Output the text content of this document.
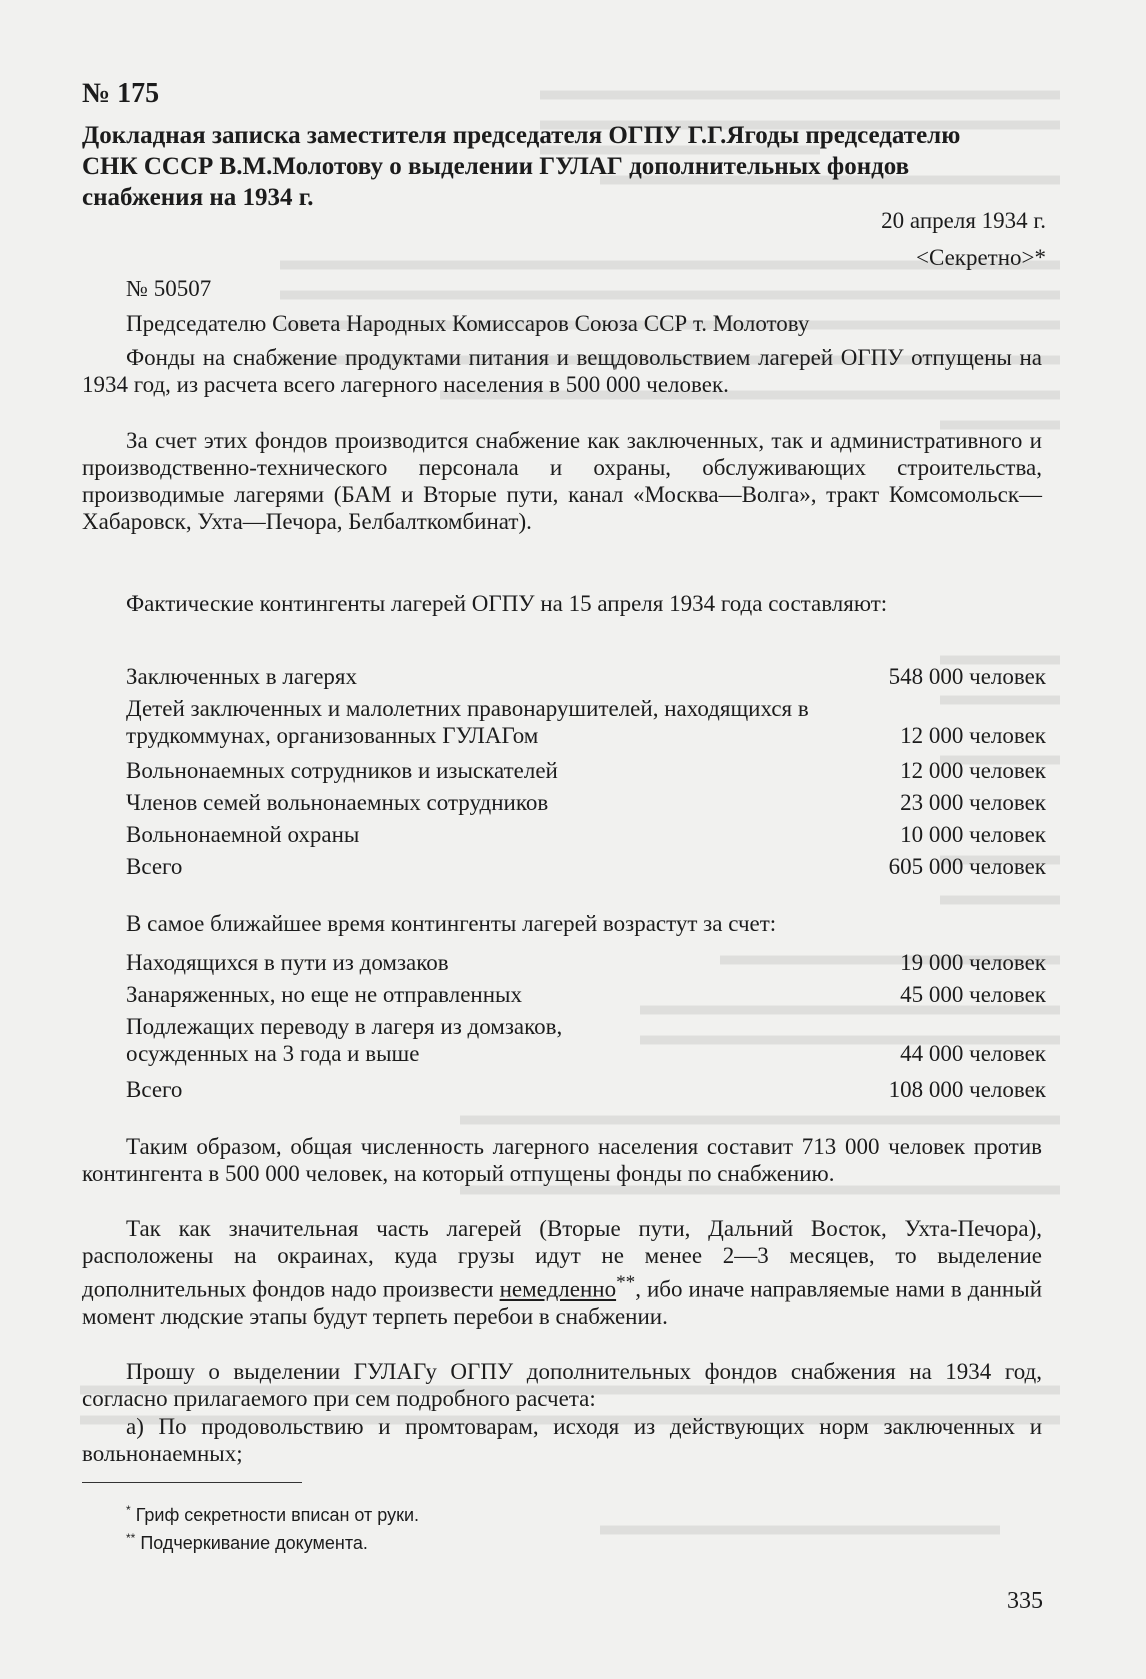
№ 175

Докладная записка заместителя председателя ОГПУ Г.Г.Ягоды председателю СНК СССР В.М.Молотову о выделении ГУЛАГ дополнительных фондов снабжения на 1934 г.

20 апреля 1934 г.

<Секретно>*

№ 50507

Председателю Совета Народных Комиссаров Союза ССР т. Молотову

Фонды на снабжение продуктами питания и вещдовольствием лагерей ОГПУ отпущены на 1934 год, из расчета всего лагерного населения в 500 000 человек.

За счет этих фондов производится снабжение как заключенных, так и административного и производственно-технического персонала и охраны, обслуживающих строительства, производимые лагерями (БАМ и Вторые пути, канал «Москва—Волга», тракт Комсомольск—Хабаровск, Ухта—Печора, Белбалткомбинат).

Фактические контингенты лагерей ОГПУ на 15 апреля 1934 года составляют:

Заключенных в лагерях	548 000 человек
Детей заключенных и малолетних правонарушителей, находящихся в трудкоммунах, организованных ГУЛАГом	12 000 человек
Вольнонаемных сотрудников и изыскателей	12 000 человек
Членов семей вольнонаемных сотрудников	23 000 человек
Вольнонаемной охраны	10 000 человек
Всего	605 000 человек

В самое ближайшее время контингенты лагерей возрастут за счет:

Находящихся в пути из домзаков	19 000 человек
Занаряженных, но еще не отправленных	45 000 человек
Подлежащих переводу в лагеря из домзаков, осужденных на 3 года и выше	44 000 человек
Всего	108 000 человек

Таким образом, общая численность лагерного населения составит 713 000 человек против контингента в 500 000 человек, на который отпущены фонды по снабжению.

Так как значительная часть лагерей (Вторые пути, Дальний Восток, Ухта-Печора), расположены на окраинах, куда грузы идут не менее 2—3 месяцев, то выделение дополнительных фондов надо произвести немедленно**, ибо иначе направляемые нами в данный момент людские этапы будут терпеть перебои в снабжении.

Прошу о выделении ГУЛАГу ОГПУ дополнительных фондов снабжения на 1934 год, согласно прилагаемого при сем подробного расчета:

а) По продовольствию и промтоварам, исходя из действующих норм заключенных и вольнонаемных;

* Гриф секретности вписан от руки.

** Подчеркивание документа.

335
